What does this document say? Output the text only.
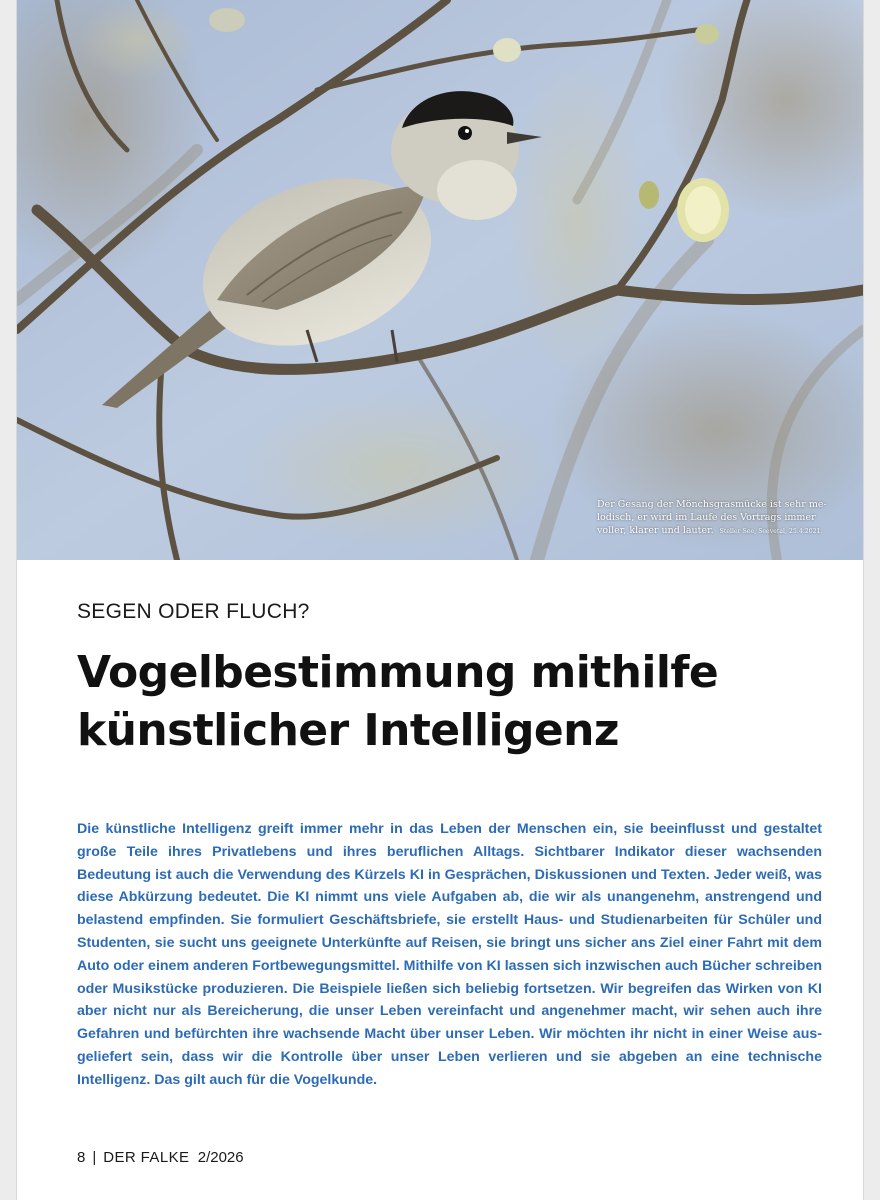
Der Gesang der Mönchsgrasmücke ist sehr melodisch, er wird im Laufe des Vortrags immer voller, klarer und lauter. Steller See, Seevetal, 25.4.2021.

SEGEN ODER FLUCH?

Vogelbestimmung mithilfe
künstlicher Intelligenz

Die künstliche Intelligenz greift immer mehr in das Leben der Menschen ein, sie beeinflusst und gestaltet große Teile ihres Privatlebens und ihres beruflichen Alltags. Sichtbarer Indikator dieser wachsenden Bedeutung ist auch die Verwendung des Kürzels KI in Gesprächen, Diskussionen und Texten. Jeder weiß, was diese Abkürzung bedeutet. Die KI nimmt uns viele Aufgaben ab, die wir als unangenehm, anstrengend und belastend empfinden. Sie formuliert Geschäftsbriefe, sie erstellt Haus- und Studienarbeiten für Schüler und Studenten, sie sucht uns geeignete Unterkünfte auf Reisen, sie bringt uns sicher ans Ziel einer Fahrt mit dem Auto oder einem anderen Fortbewegungsmittel. Mithilfe von KI lassen sich inzwischen auch Bücher schreiben oder Musikstücke produzieren. Die Beispiele ließen sich beliebig fortsetzen. Wir begreifen das Wirken von KI aber nicht nur als Bereicherung, die unser Leben vereinfacht und angenehmer macht, wir sehen auch ihre Gefahren und befürchten ihre wachsende Macht über unser Leben. Wir möchten ihr nicht in einer Weise ausgeliefert sein, dass wir die Kontrolle über unser Leben verlieren und sie abgeben an eine technische Intelligenz. Das gilt auch für die Vogelkunde.

8 | DER FALKE 2/2026
